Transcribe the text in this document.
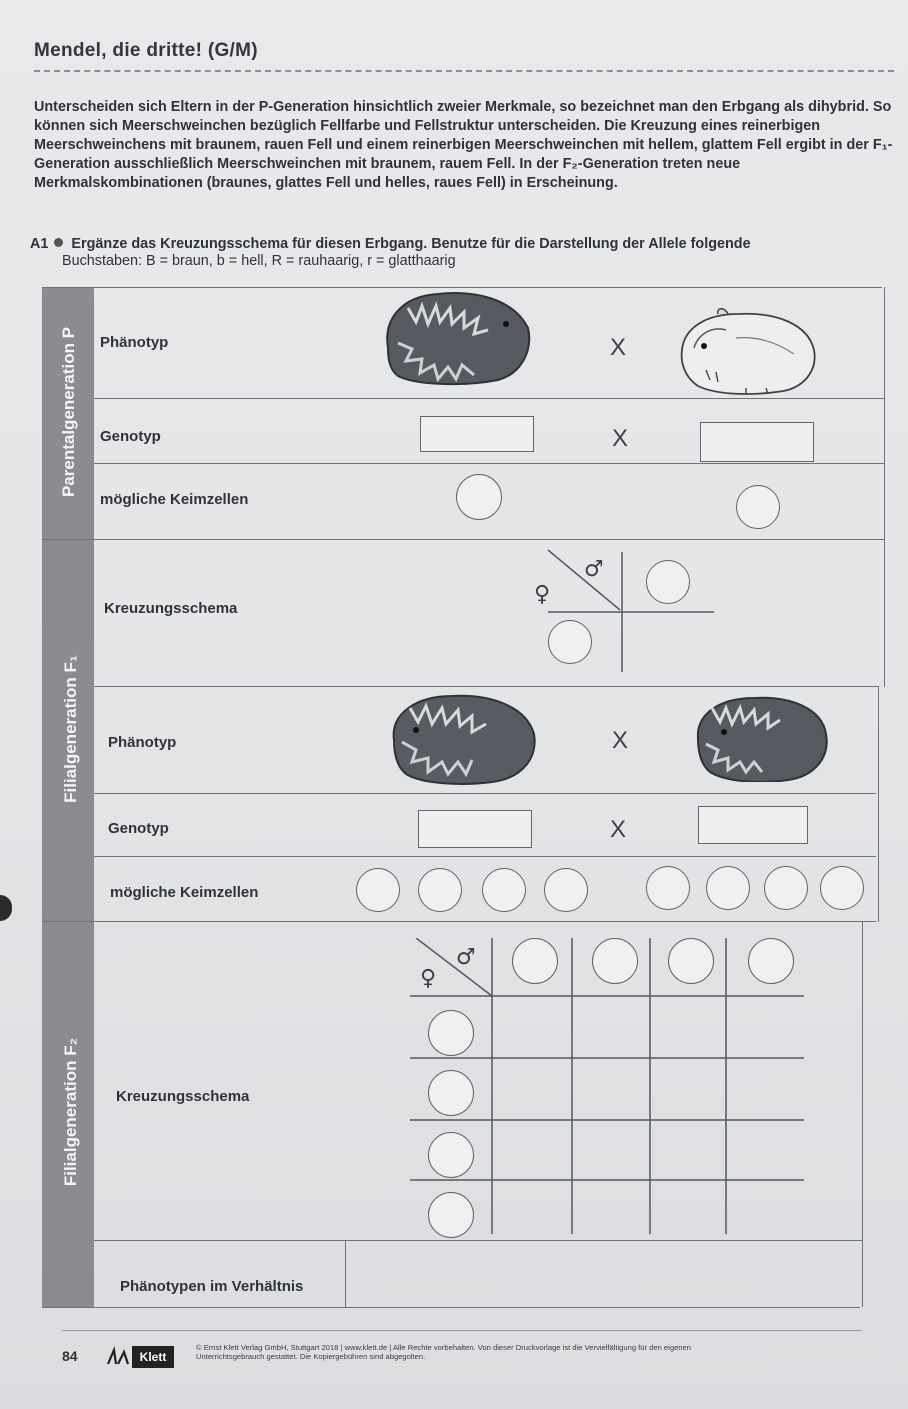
Mendel, die dritte! (G/M)
Unterscheiden sich Eltern in der P-Generation hinsichtlich zweier Merkmale, so bezeichnet man den Erbgang als dihybrid. So können sich Meerschweinchen bezüglich Fellfarbe und Fellstruktur unterscheiden. Die Kreuzung eines reinerbigen Meerschweinchens mit braunem, rauen Fell und einem reinerbigen Meerschweinchen mit hellem, glattem Fell ergibt in der F₁-Generation ausschließlich Meerschweinchen mit braunem, rauem Fell. In der F₂-Generation treten neue Merkmalskombinationen (braunes, glattes Fell und helles, raues Fell) in Erscheinung.
A1 Ergänze das Kreuzungsschema für diesen Erbgang. Benutze für die Darstellung der Allele folgende
Buchstaben: B = braun, b = hell, R = rauhaarig, r = glatthaarig
Parentalgeneration P
Filialgeneration F₁
Filialgeneration F₂
Phänotyp	X
Genotyp	X
mögliche Keimzellen
Kreuzungsschema
♂
♀
Phänotyp	X
Genotyp	X
mögliche Keimzellen
Kreuzungsschema
♂
♀
Phänotypen im Verhältnis
84	Klett
© Ernst Klett Verlag GmbH, Stuttgart 2018 | www.klett.de | Alle Rechte vorbehalten. Von dieser Druckvorlage ist die Vervielfältigung für den eigenen Unterrichtsgebrauch gestattet. Die Kopiergebühren sind abgegolten.
